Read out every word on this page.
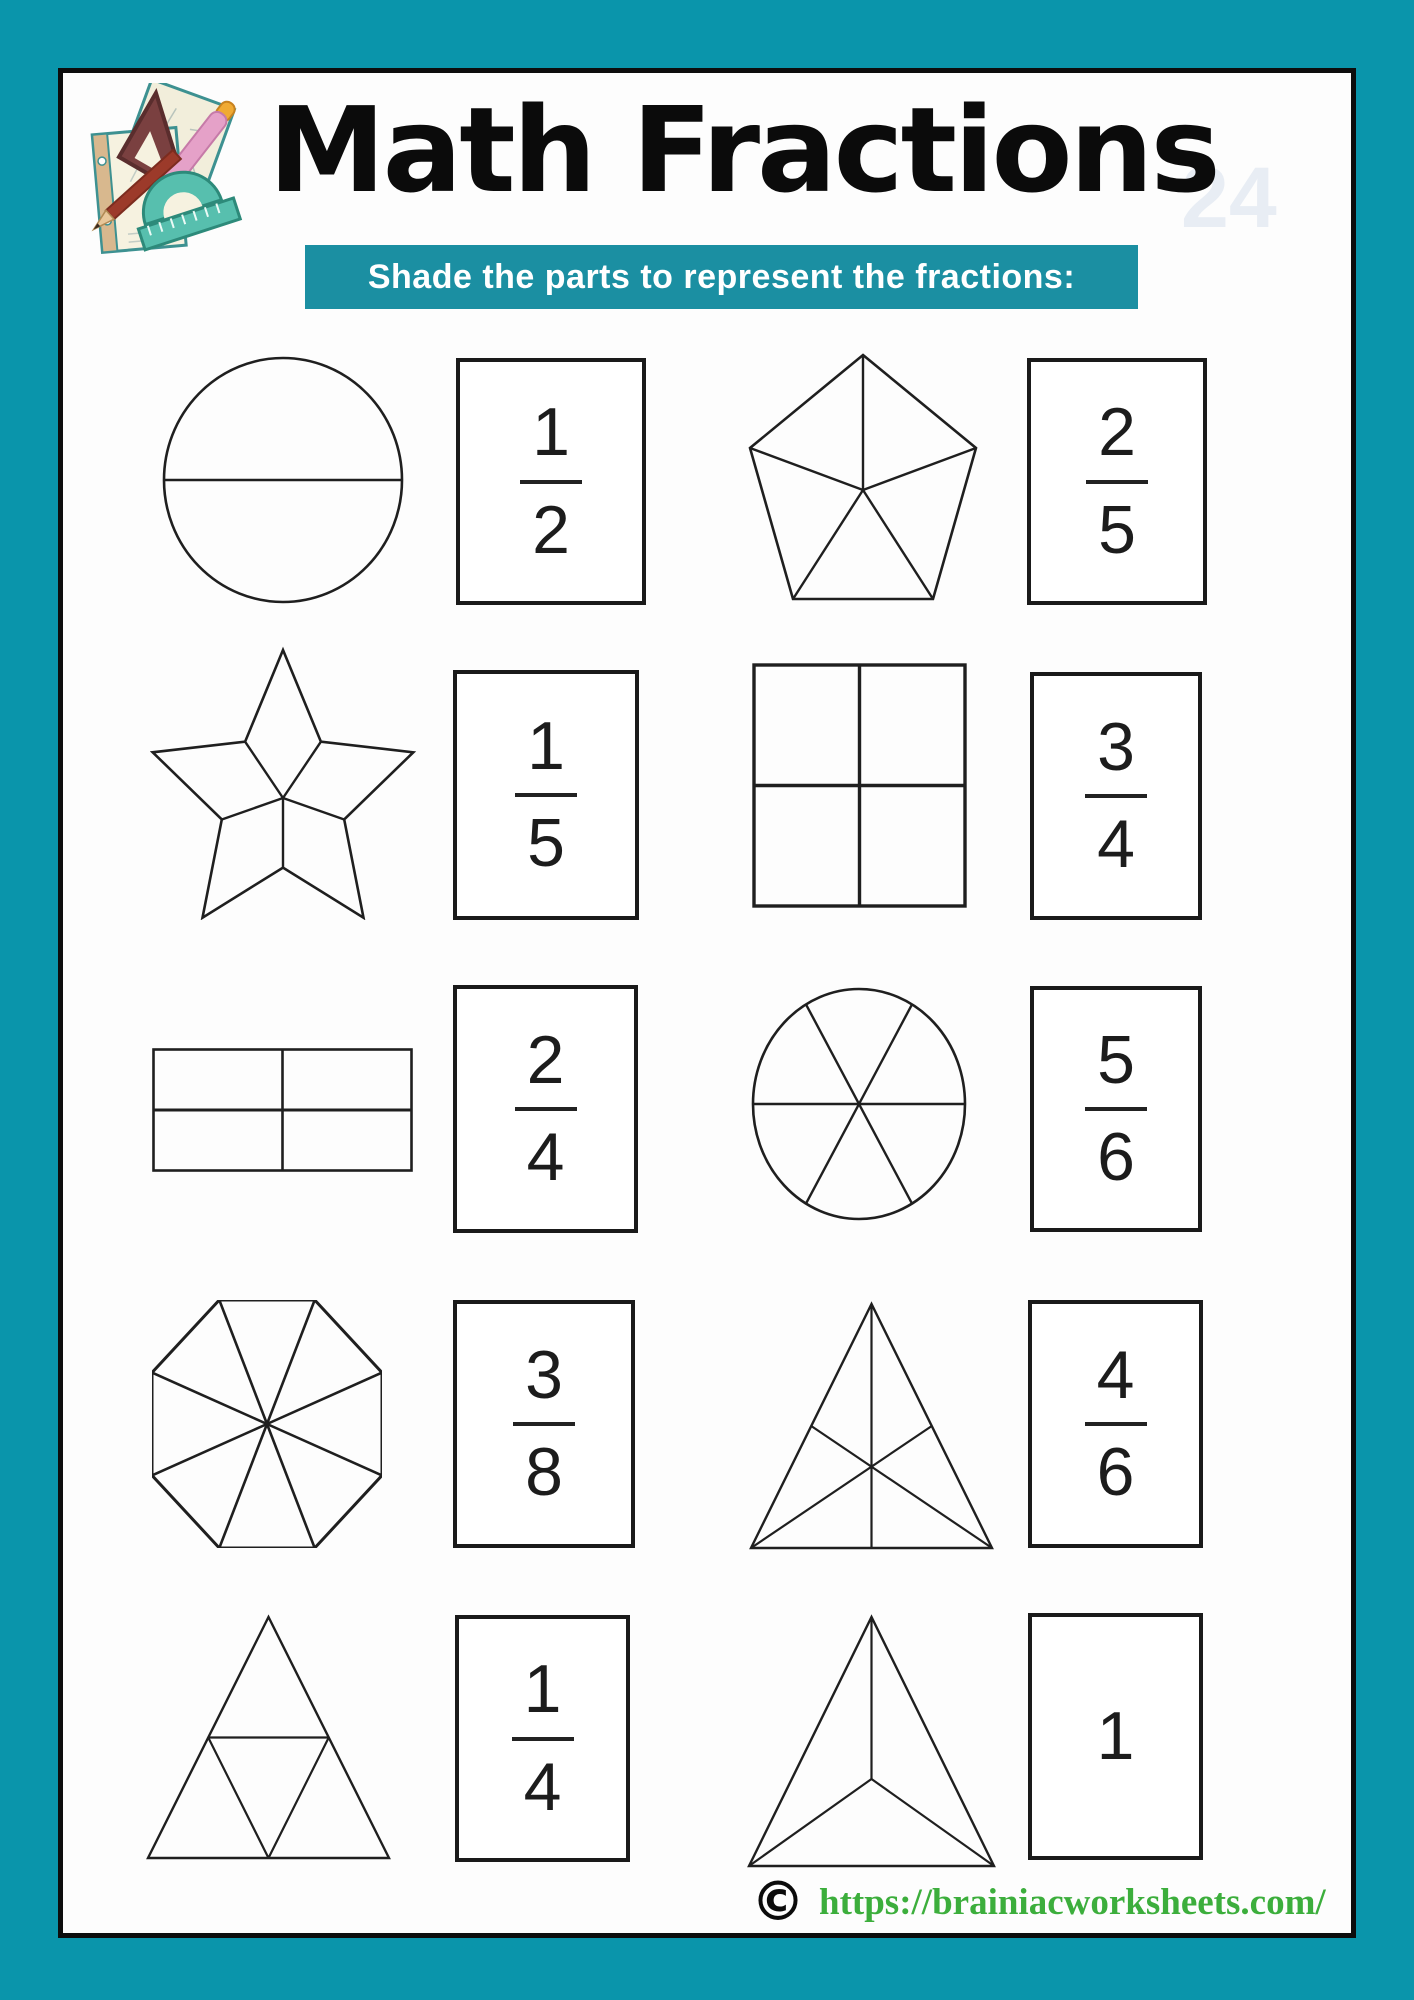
24
Math Fractions
Shade the parts to represent the fractions:
1
2
2
5
1
5
3
4
2
4
5
6
3
8
4
6
1
4
1
© https://brainiacworksheets.com/
